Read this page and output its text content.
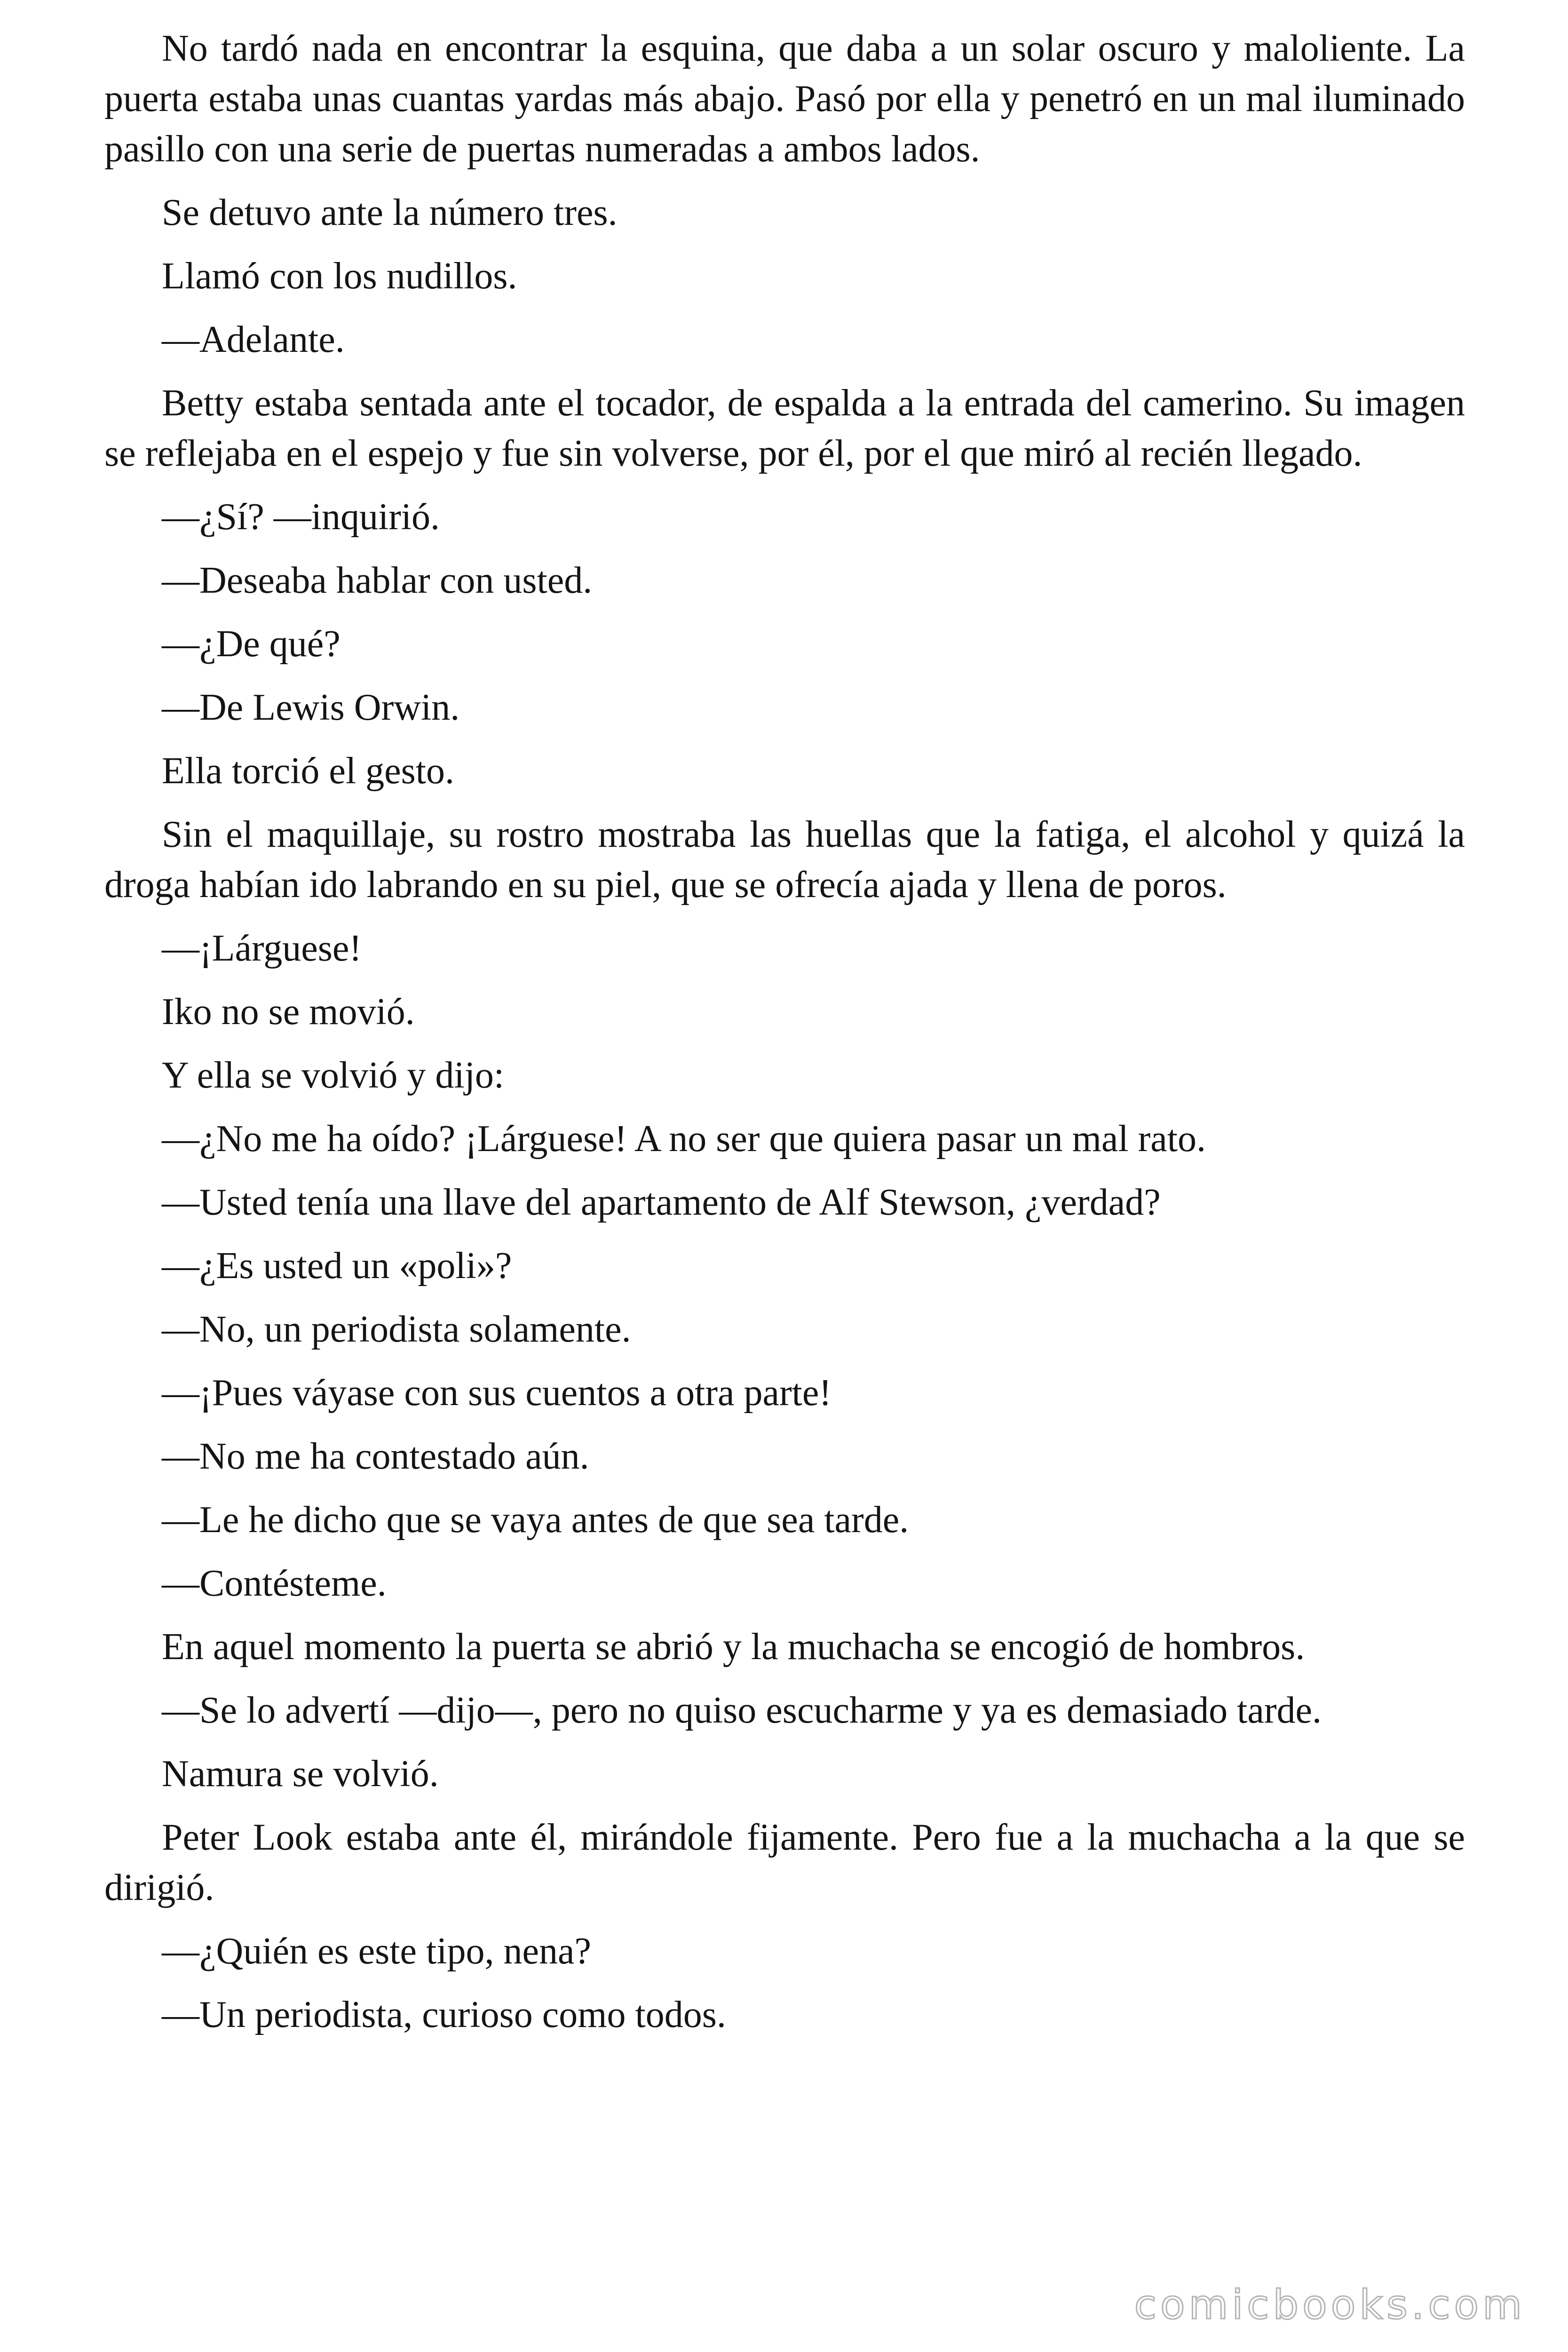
No tardó nada en encontrar la esquina, que daba a un solar oscuro y maloliente. La puerta estaba unas cuantas yardas más abajo. Pasó por ella y penetró en un mal iluminado pasillo con una serie de puertas numeradas a ambos lados.

Se detuvo ante la número tres.

Llamó con los nudillos.

—Adelante.

Betty estaba sentada ante el tocador, de espalda a la entrada del camerino. Su imagen se reflejaba en el espejo y fue sin volverse, por él, por el que miró al recién llegado.

—¿Sí? —inquirió.

—Deseaba hablar con usted.

—¿De qué?

—De Lewis Orwin.

Ella torció el gesto.

Sin el maquillaje, su rostro mostraba las huellas que la fatiga, el alcohol y quizá la droga habían ido labrando en su piel, que se ofrecía ajada y llena de poros.

—¡Lárguese!

Iko no se movió.

Y ella se volvió y dijo:

—¿No me ha oído? ¡Lárguese! A no ser que quiera pasar un mal rato.

—Usted tenía una llave del apartamento de Alf Stewson, ¿verdad?

—¿Es usted un «poli»?

—No, un periodista solamente.

—¡Pues váyase con sus cuentos a otra parte!

—No me ha contestado aún.

—Le he dicho que se vaya antes de que sea tarde.

—Contésteme.

En aquel momento la puerta se abrió y la muchacha se encogió de hombros.

—Se lo advertí —dijo—, pero no quiso escucharme y ya es demasiado tarde.

Namura se volvió.

Peter Look estaba ante él, mirándole fijamente. Pero fue a la muchacha a la que se dirigió.

—¿Quién es este tipo, nena?

—Un periodista, curioso como todos.

comicbooks.com
